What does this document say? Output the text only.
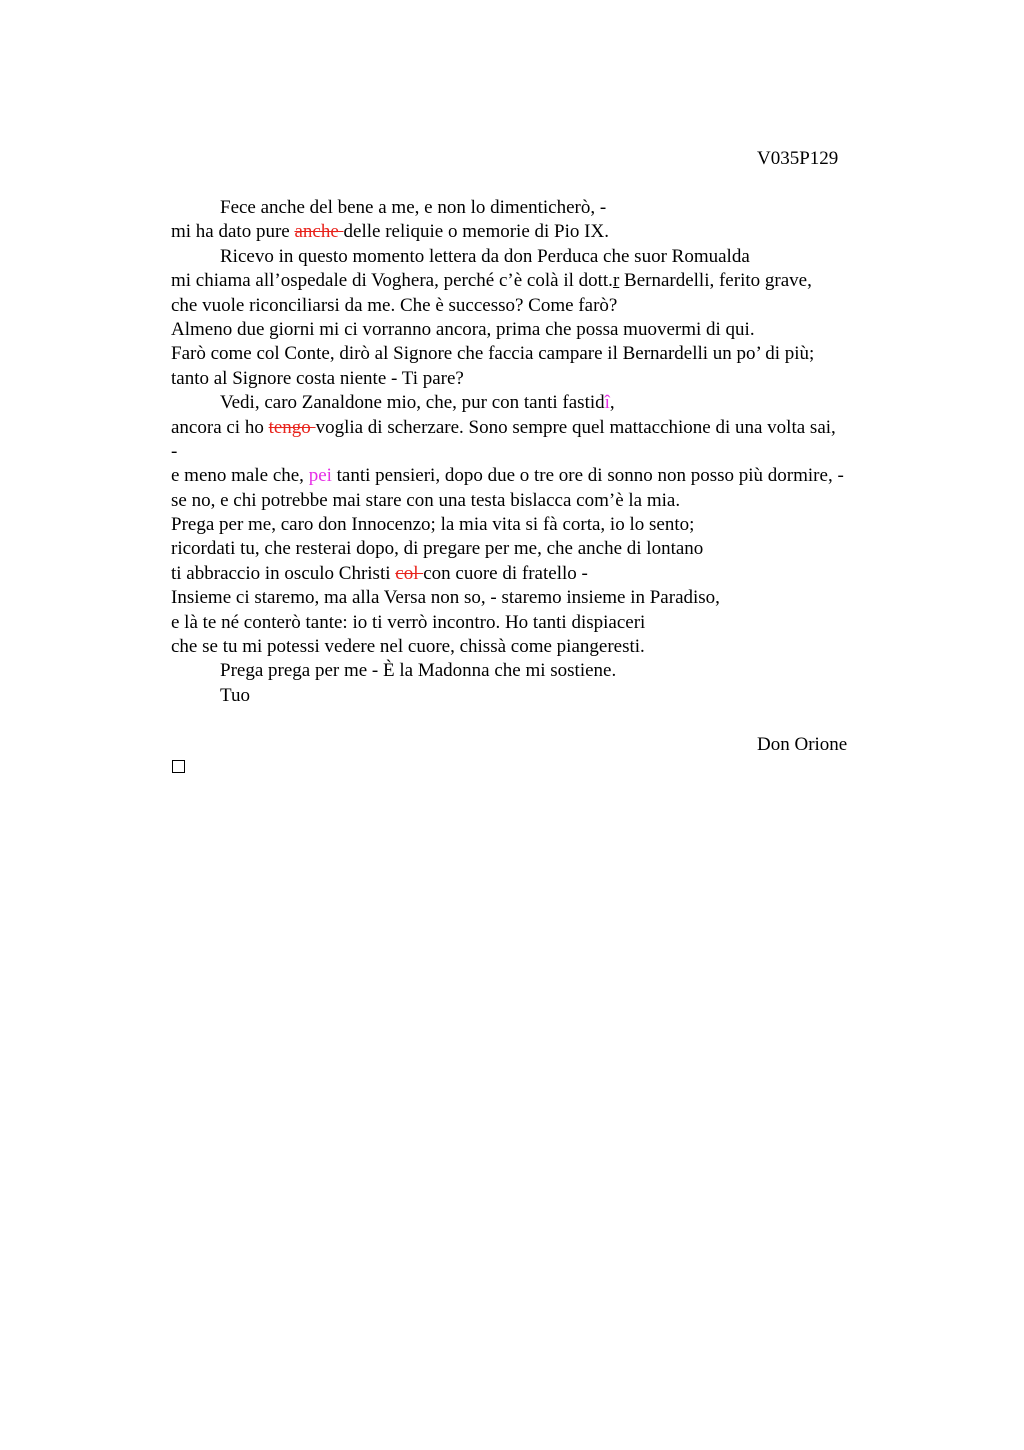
V035P129
Fece anche del bene a me, e non lo dimenticherò, -
mi ha dato pure anche delle reliquie o memorie di Pio IX.
Ricevo in questo momento lettera da don Perduca che suor Romualda
mi chiama all’ospedale di Voghera, perché c’è colà il dott.r Bernardelli, ferito grave,
che vuole riconciliarsi da me. Che è successo? Come farò?
Almeno due giorni mi ci vorranno ancora, prima che possa muovermi di qui.
Farò come col Conte, dirò al Signore che faccia campare il Bernardelli un po’ di più;
tanto al Signore costa niente - Ti pare?
Vedi, caro Zanaldone mio, che, pur con tanti fastidî,
ancora ci ho tengo voglia di scherzare. Sono sempre quel mattacchione di una volta sai,
-
e meno male che, pei tanti pensieri, dopo due o tre ore di sonno non posso più dormire, -
se no, e chi potrebbe mai stare con una testa bislacca com’è la mia.
Prega per me, caro don Innocenzo; la mia vita si fà corta, io lo sento;
ricordati tu, che resterai dopo, di pregare per me, che anche di lontano
ti abbraccio in osculo Christi col con cuore di fratello -
Insieme ci staremo, ma alla Versa non so, - staremo insieme in Paradiso,
e là te né conterò tante: io ti verrò incontro. Ho tanti dispiaceri
che se tu mi potessi vedere nel cuore, chissà come piangeresti.
Prega prega per me - È la Madonna che mi sostiene.
Tuo
Don Orione
